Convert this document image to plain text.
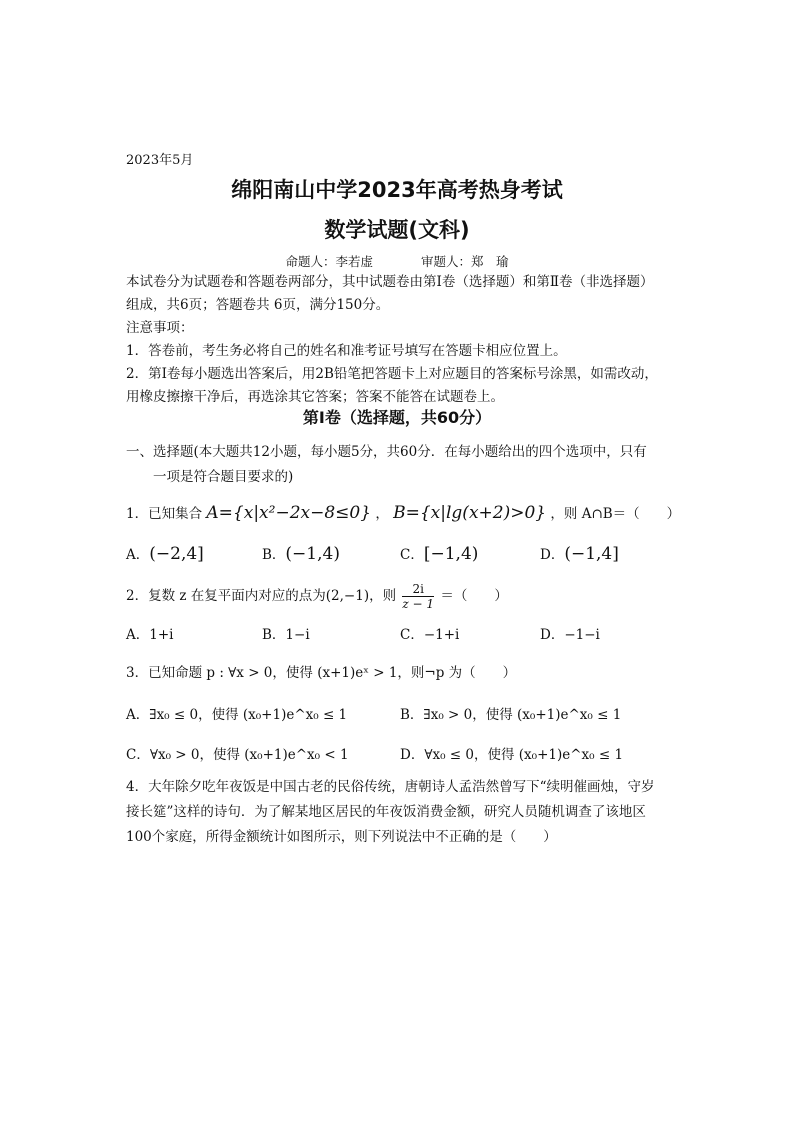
2023年5月
绵阳南山中学2023年高考热身考试
数学试题(文科)
命题人：李若虚	审题人：郑　瑜
本试卷分为试题卷和答题卷两部分，其中试题卷由第Ⅰ卷（选择题）和第Ⅱ卷（非选择题）
组成，共6页；答题卷共 6页，满分150分。
注意事项：
1．答卷前，考生务必将自己的姓名和准考证号填写在答题卡相应位置上。
2．第Ⅰ卷每小题选出答案后，用2B铅笔把答题卡上对应题目的答案标号涂黑，如需改动，
用橡皮擦擦干净后，再选涂其它答案；答案不能答在试题卷上。
第Ⅰ卷（选择题，共60分）
一、选择题(本大题共12小题，每小题5分，共60分．在每小题给出的四个选项中，只有
一项是符合题目要求的)
1．已知集合 A={x|x²−2x−8≤0} ， B={x|lg(x+2)>0} ，则 A∩B＝（　　）
A．(−2,4]	B．(−1,4)	C．[−1,4)	D．(−1,4]
2．复数 z 在复平面内对应的点为(2,−1)，则 $\frac{2i}{z - 1}$ ＝（　　）
A．1+i	B．1−i	C．−1+i	D．−1−i
3．已知命题 p : ∀x > 0，使得 (x+1)eˣ > 1，则¬p 为（　　）
A．∃x₀ ≤ 0，使得 (x₀+1)e^x₀ ≤ 1	B．∃x₀ > 0，使得 (x₀+1)e^x₀ ≤ 1
C．∀x₀ > 0，使得 (x₀+1)e^x₀ < 1	D．∀x₀ ≤ 0，使得 (x₀+1)e^x₀ ≤ 1
4．大年除夕吃年夜饭是中国古老的民俗传统，唐朝诗人孟浩然曾写下“续明催画烛，守岁
接长筵”这样的诗句．为了解某地区居民的年夜饭消费金额，研究人员随机调查了该地区
100个家庭，所得金额统计如图所示，则下列说法中不正确的是（　　）
